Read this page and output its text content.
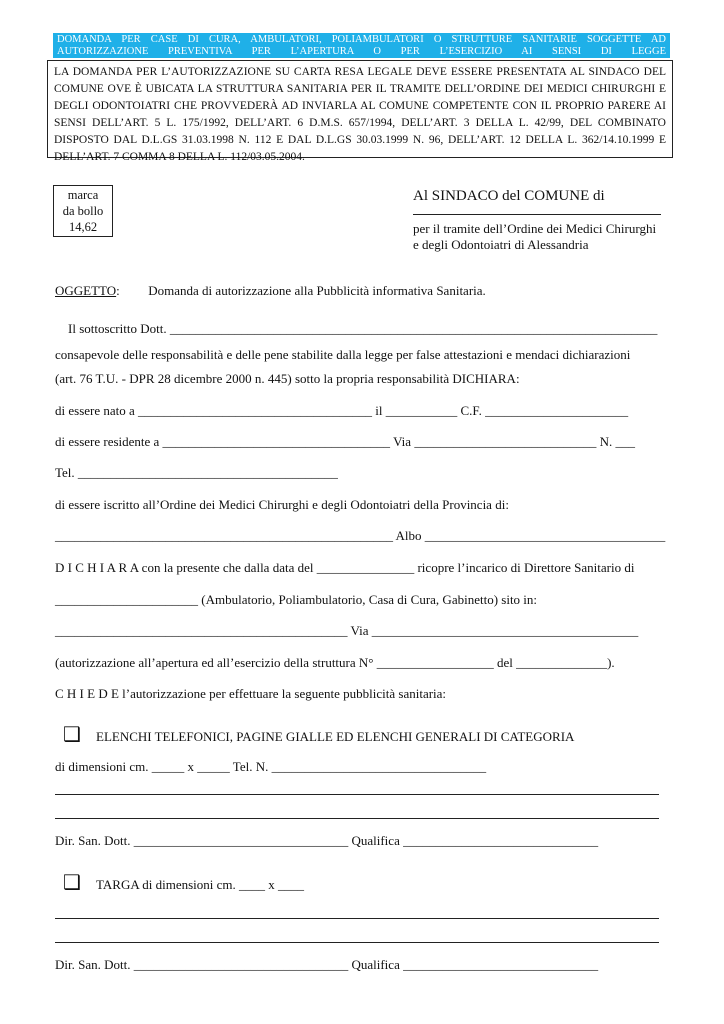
DOMANDA PER CASE DI CURA, AMBULATORI, POLIAMBULATORI O STRUTTURE SANITARIE SOGGETTE AD AUTORIZZAZIONE PREVENTIVA PER L’APERTURA O PER L’ESERCIZIO AI SENSI DI LEGGE
LA DOMANDA PER L’AUTORIZZAZIONE SU CARTA RESA LEGALE DEVE ESSERE PRESENTATA AL SINDACO DEL COMUNE OVE È UBICATA LA STRUTTURA SANITARIA PER IL TRAMITE DELL’ORDINE DEI MEDICI CHIRURGHI E DEGLI ODONTOIATRI CHE PROVVEDERÀ AD INVIARLA AL COMUNE COMPETENTE CON IL PROPRIO PARERE AI SENSI DELL’ART. 5 L. 175/1992, DELL’ART. 6 D.M.S. 657/1994, DELL’ART. 3 DELLA L. 42/99, DEL COMBINATO DISPOSTO DAL D.L.GS 31.03.1998 N. 112 E DAL D.L.GS 30.03.1999 N. 96, DELL’ART. 12 DELLA L. 362/14.10.1999 E DELL’ART. 7 COMMA 8 DELLA L. 112/03.05.2004.
marca
da bollo
14,62
Al SINDACO del COMUNE di
per il tramite dell’Ordine dei Medici Chirurghi
e degli Odontoiatri di Alessandria
OGGETTO: Domanda di autorizzazione alla Pubblicità informativa Sanitaria.
Il sottoscritto Dott. ___________________________________________________________________________
consapevole delle responsabilità e delle pene stabilite dalla legge per false attestazioni e mendaci dichiarazioni
(art. 76 T.U. - DPR 28 dicembre 2000 n. 445) sotto la propria responsabilità DICHIARA:
di essere nato a ____________________________________ il ___________ C.F. ______________________
di essere residente a ___________________________________ Via ____________________________ N. ___
Tel. ________________________________________
di essere iscritto all’Ordine dei Medici Chirurghi e degli Odontoiatri della Provincia di:
____________________________________________________ Albo _____________________________________
D I C H I A R A con la presente che dalla data del _______________ ricopre l’incarico di Direttore Sanitario di
______________________ (Ambulatorio, Poliambulatorio, Casa di Cura, Gabinetto) sito in:
_____________________________________________ Via _________________________________________
(autorizzazione all’apertura ed all’esercizio della struttura N° __________________ del ______________).
C H I E D E l’autorizzazione per effettuare la seguente pubblicità sanitaria:
❑ ELENCHI TELEFONICI, PAGINE GIALLE ED ELENCHI GENERALI DI CATEGORIA
di dimensioni cm. _____ x _____ Tel. N. _________________________________
Dir. San. Dott. _________________________________ Qualifica ______________________________
❑ TARGA di dimensioni cm. ____ x ____
Dir. San. Dott. _________________________________ Qualifica ______________________________
